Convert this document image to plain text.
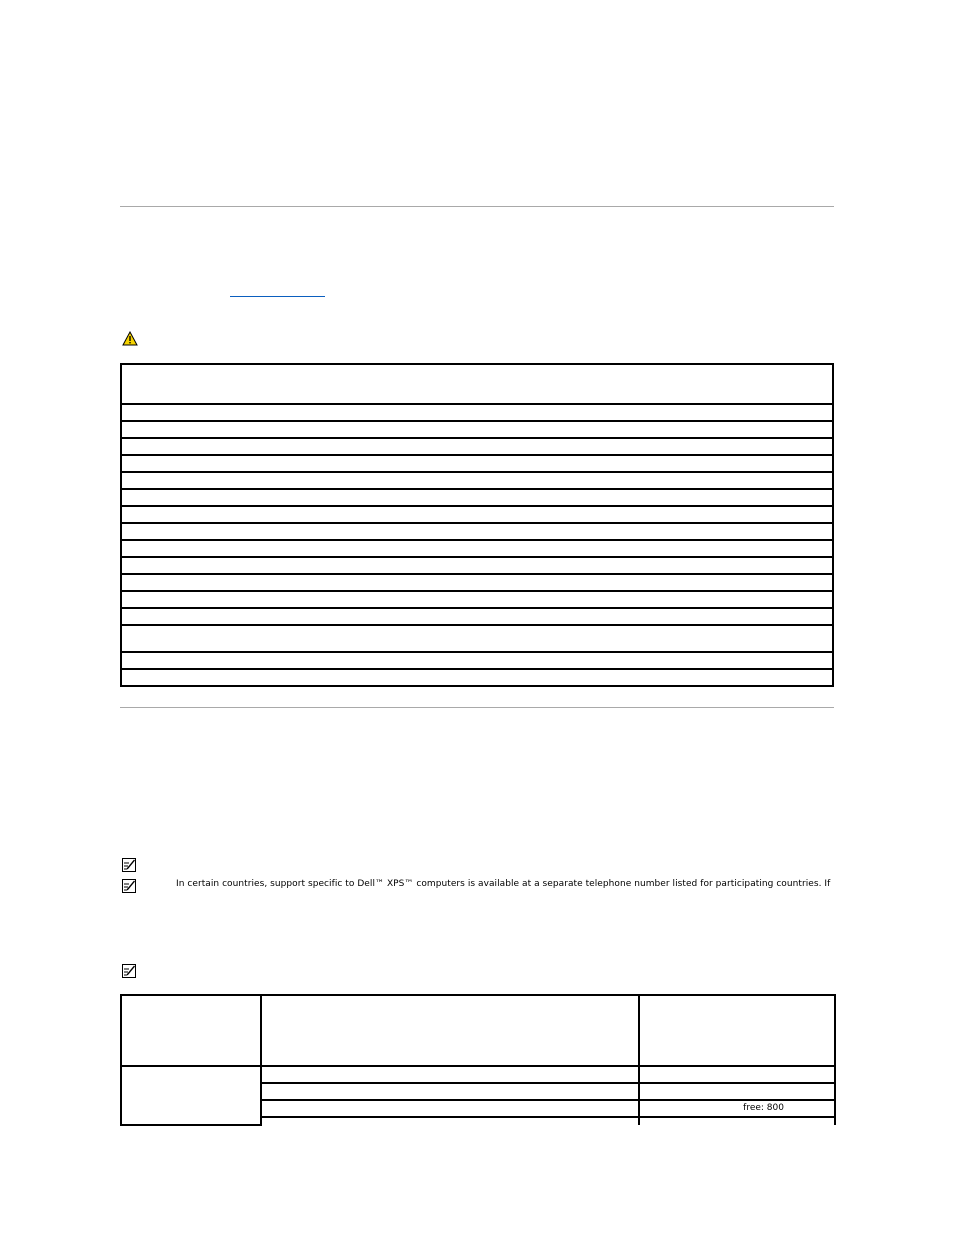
In certain countries, support specific to Dell™ XPS™ computers is available at a separate telephone number listed for participating countries. If

		free: 800
